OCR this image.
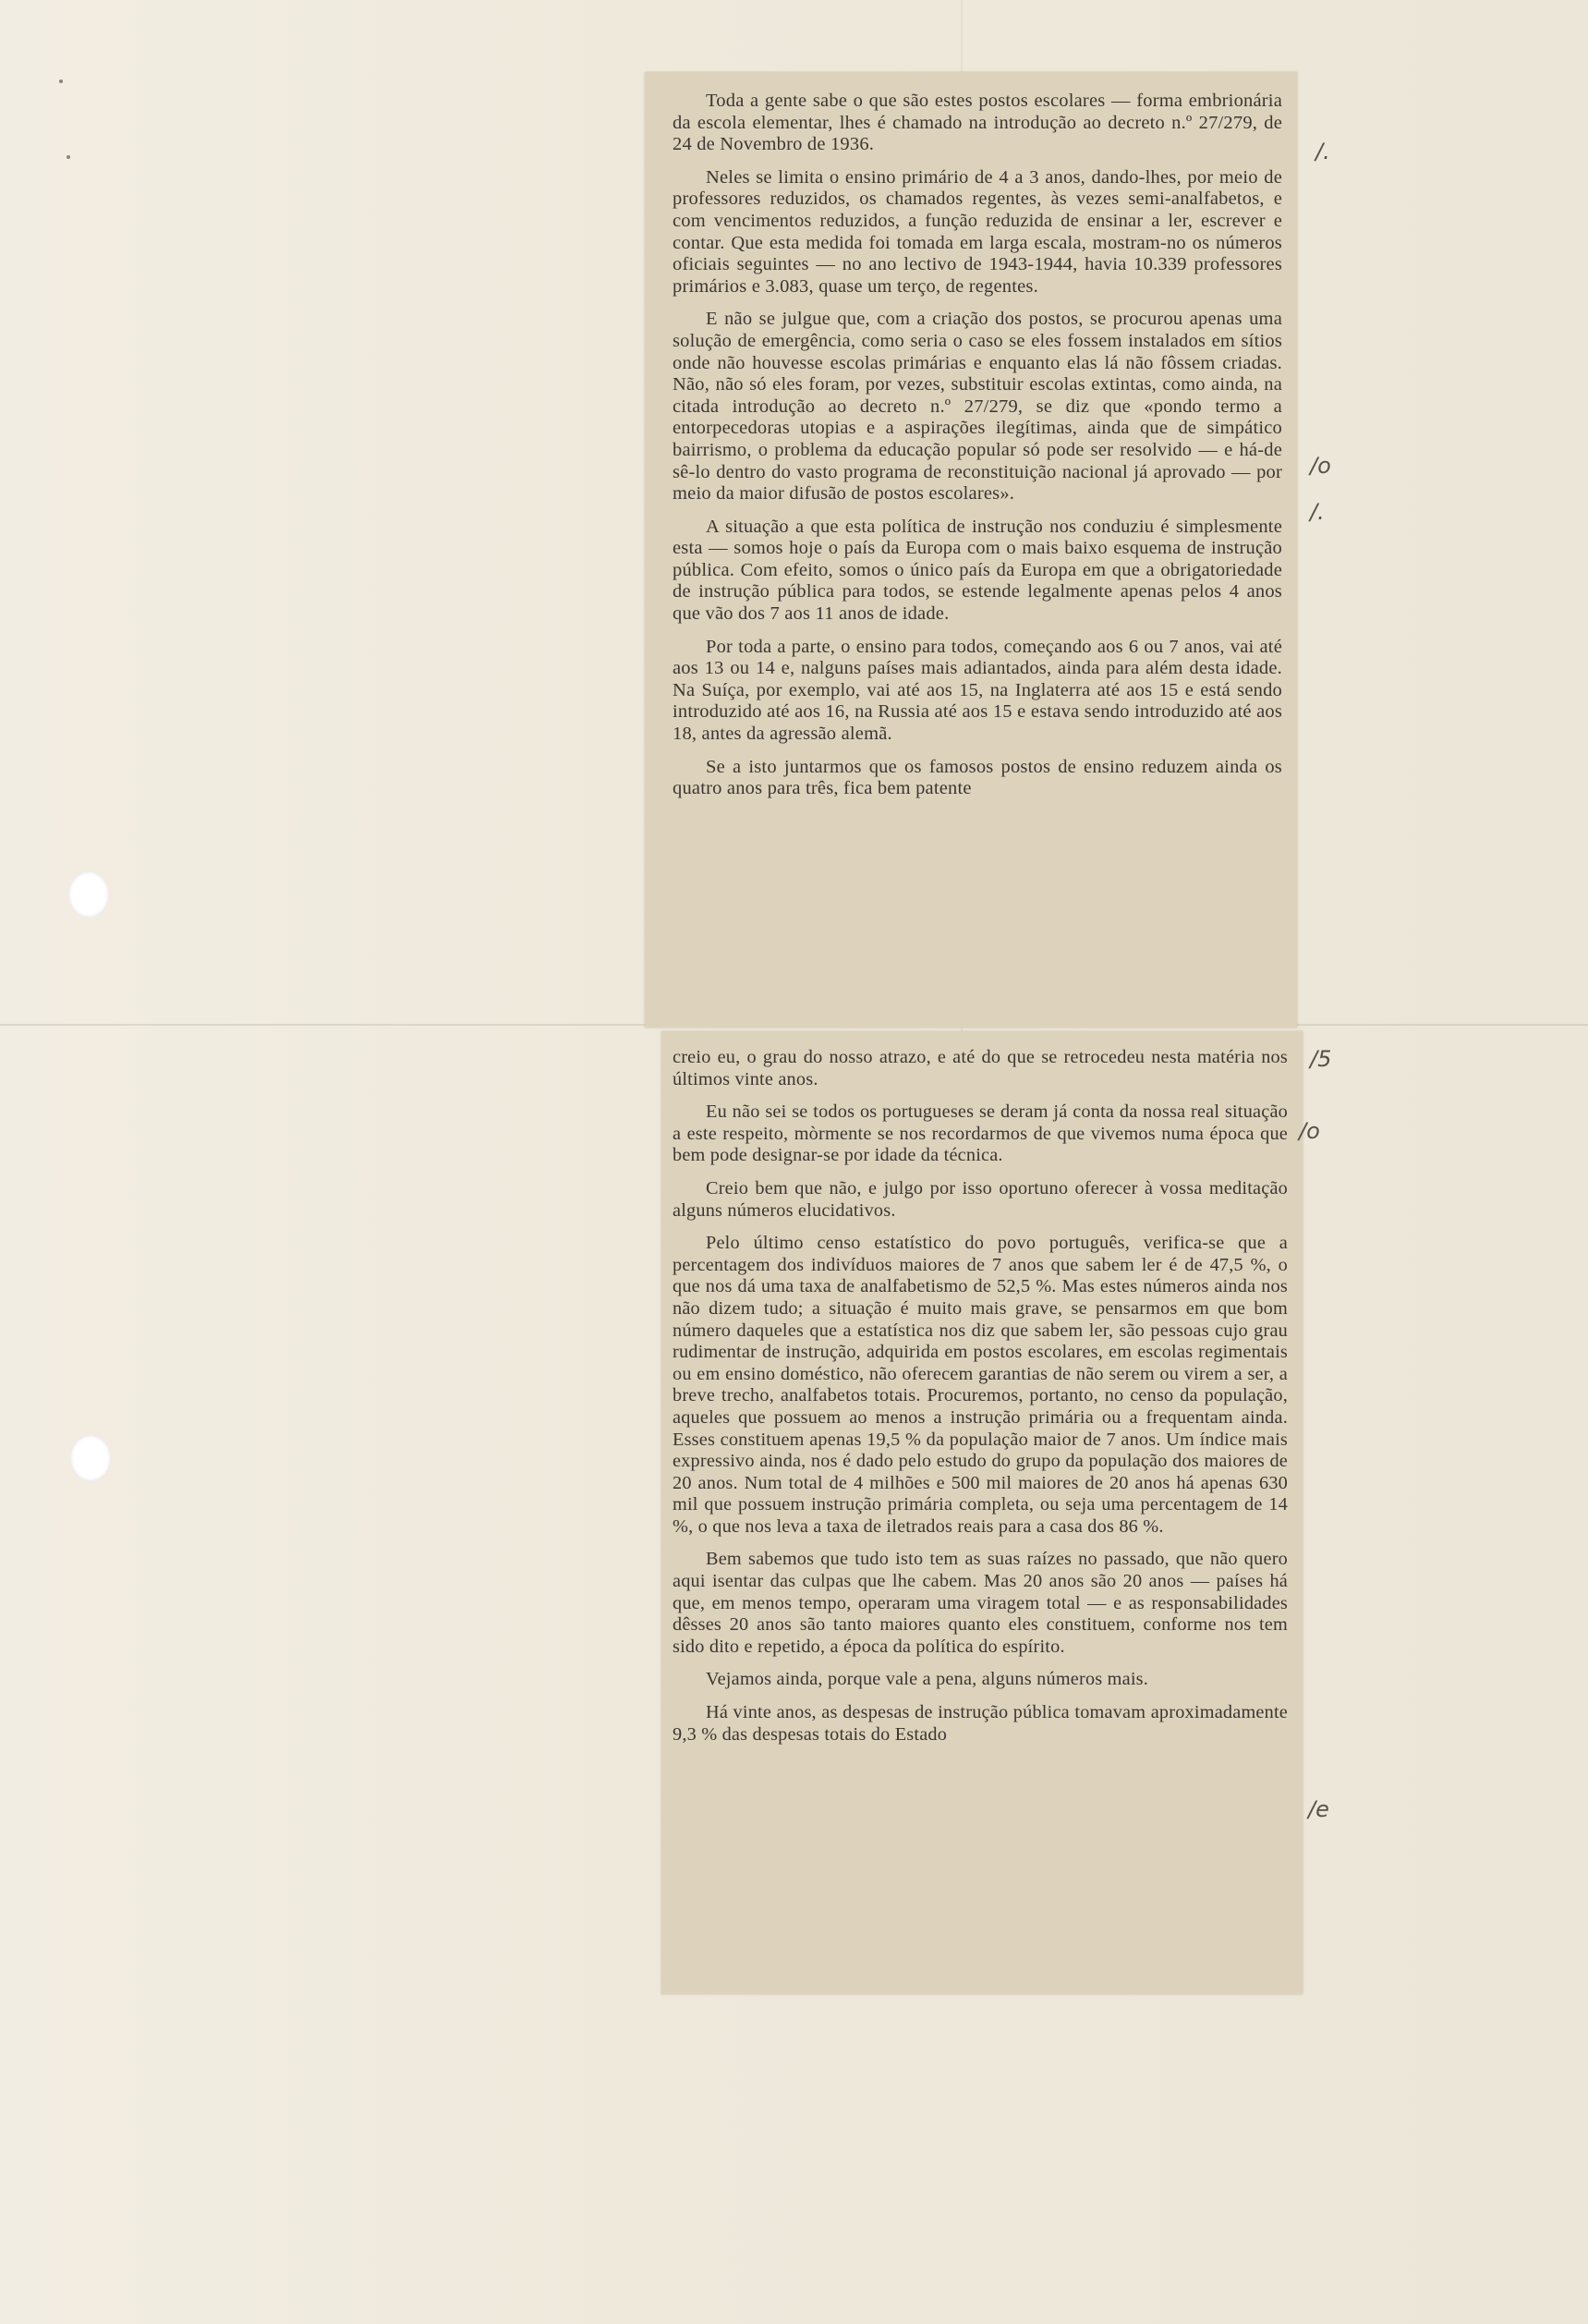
Toda a gente sabe o que são estes postos escolares — forma embrionária da escola elementar, lhes é chamado na introdução ao decreto n.º 27/279, de 24 de Novembro de 1936.

Neles se limita o ensino primário de 4 a 3 anos, dando-lhes, por meio de professores reduzidos, os chamados regentes, às vezes semi-analfabetos, e com vencimentos reduzidos, a função reduzida de ensinar a ler, escrever e contar. Que esta medida foi tomada em larga escala, mostram-no os números oficiais seguintes — no ano lectivo de 1943-1944, havia 10.339 professores primários e 3.083, quase um terço, de regentes.

E não se julgue que, com a criação dos postos, se procurou apenas uma solução de emergência, como seria o caso se eles fossem instalados em sítios onde não houvesse escolas primárias e enquanto elas lá não fôssem criadas. Não, não só eles foram, por vezes, substituir escolas extintas, como ainda, na citada introdução ao decreto n.º 27/279, se diz que «pondo termo a entorpecedoras utopias e a aspirações ilegítimas, ainda que de simpático bairrismo, o problema da educação popular só pode ser resolvido — e há-de sê-lo dentro do vasto programa de reconstituição nacional já aprovado — por meio da maior difusão de postos escolares».

A situação a que esta política de instrução nos conduziu é simplesmente esta — somos hoje o país da Europa com o mais baixo esquema de instrução pública. Com efeito, somos o único país da Europa em que a obrigatoriedade de instrução pública para todos, se estende legalmente apenas pelos 4 anos que vão dos 7 aos 11 anos de idade.

Por toda a parte, o ensino para todos, começando aos 6 ou 7 anos, vai até aos 13 ou 14 e, nalguns países mais adiantados, ainda para além desta idade. Na Suíça, por exemplo, vai até aos 15, na Inglaterra até aos 15 e está sendo introduzido até aos 16, na Russia até aos 15 e estava sendo introduzido até aos 18, antes da agressão alemã.

Se a isto juntarmos que os famosos postos de ensino reduzem ainda os quatro anos para três, fica bem patente

creio eu, o grau do nosso atrazo, e até do que se retrocedeu nesta matéria nos últimos vinte anos.

Eu não sei se todos os portugueses se deram já conta da nossa real situação a este respeito, mòrmente se nos recordarmos de que vivemos numa época que bem pode designar-se por idade da técnica.

Creio bem que não, e julgo por isso oportuno oferecer à vossa meditação alguns números elucidativos.

Pelo último censo estatístico do povo português, verifica-se que a percentagem dos indivíduos maiores de 7 anos que sabem ler é de 47,5 %, o que nos dá uma taxa de analfabetismo de 52,5 %. Mas estes números ainda nos não dizem tudo; a situação é muito mais grave, se pensarmos em que bom número daqueles que a estatística nos diz que sabem ler, são pessoas cujo grau rudimentar de instrução, adquirida em postos escolares, em escolas regimentais ou em ensino doméstico, não oferecem garantias de não serem ou virem a ser, a breve trecho, analfabetos totais. Procuremos, portanto, no censo da população, aqueles que possuem ao menos a instrução primária ou a frequentam ainda. Esses constituem apenas 19,5 % da população maior de 7 anos. Um índice mais expressivo ainda, nos é dado pelo estudo do grupo da população dos maiores de 20 anos. Num total de 4 milhões e 500 mil maiores de 20 anos há apenas 630 mil que possuem instrução primária completa, ou seja uma percentagem de 14 %, o que nos leva a taxa de iletrados reais para a casa dos 86 %.

Bem sabemos que tudo isto tem as suas raízes no passado, que não quero aqui isentar das culpas que lhe cabem. Mas 20 anos são 20 anos — países há que, em menos tempo, operaram uma viragem total — e as responsabilidades dêsses 20 anos são tanto maiores quanto eles constituem, conforme nos tem sido dito e repetido, a época da política do espírito.

Vejamos ainda, porque vale a pena, alguns números mais.

Há vinte anos, as despesas de instrução pública tomavam aproximadamente 9,3 % das despesas totais do Estado

/.
/o
/.
/5
/o
/e
